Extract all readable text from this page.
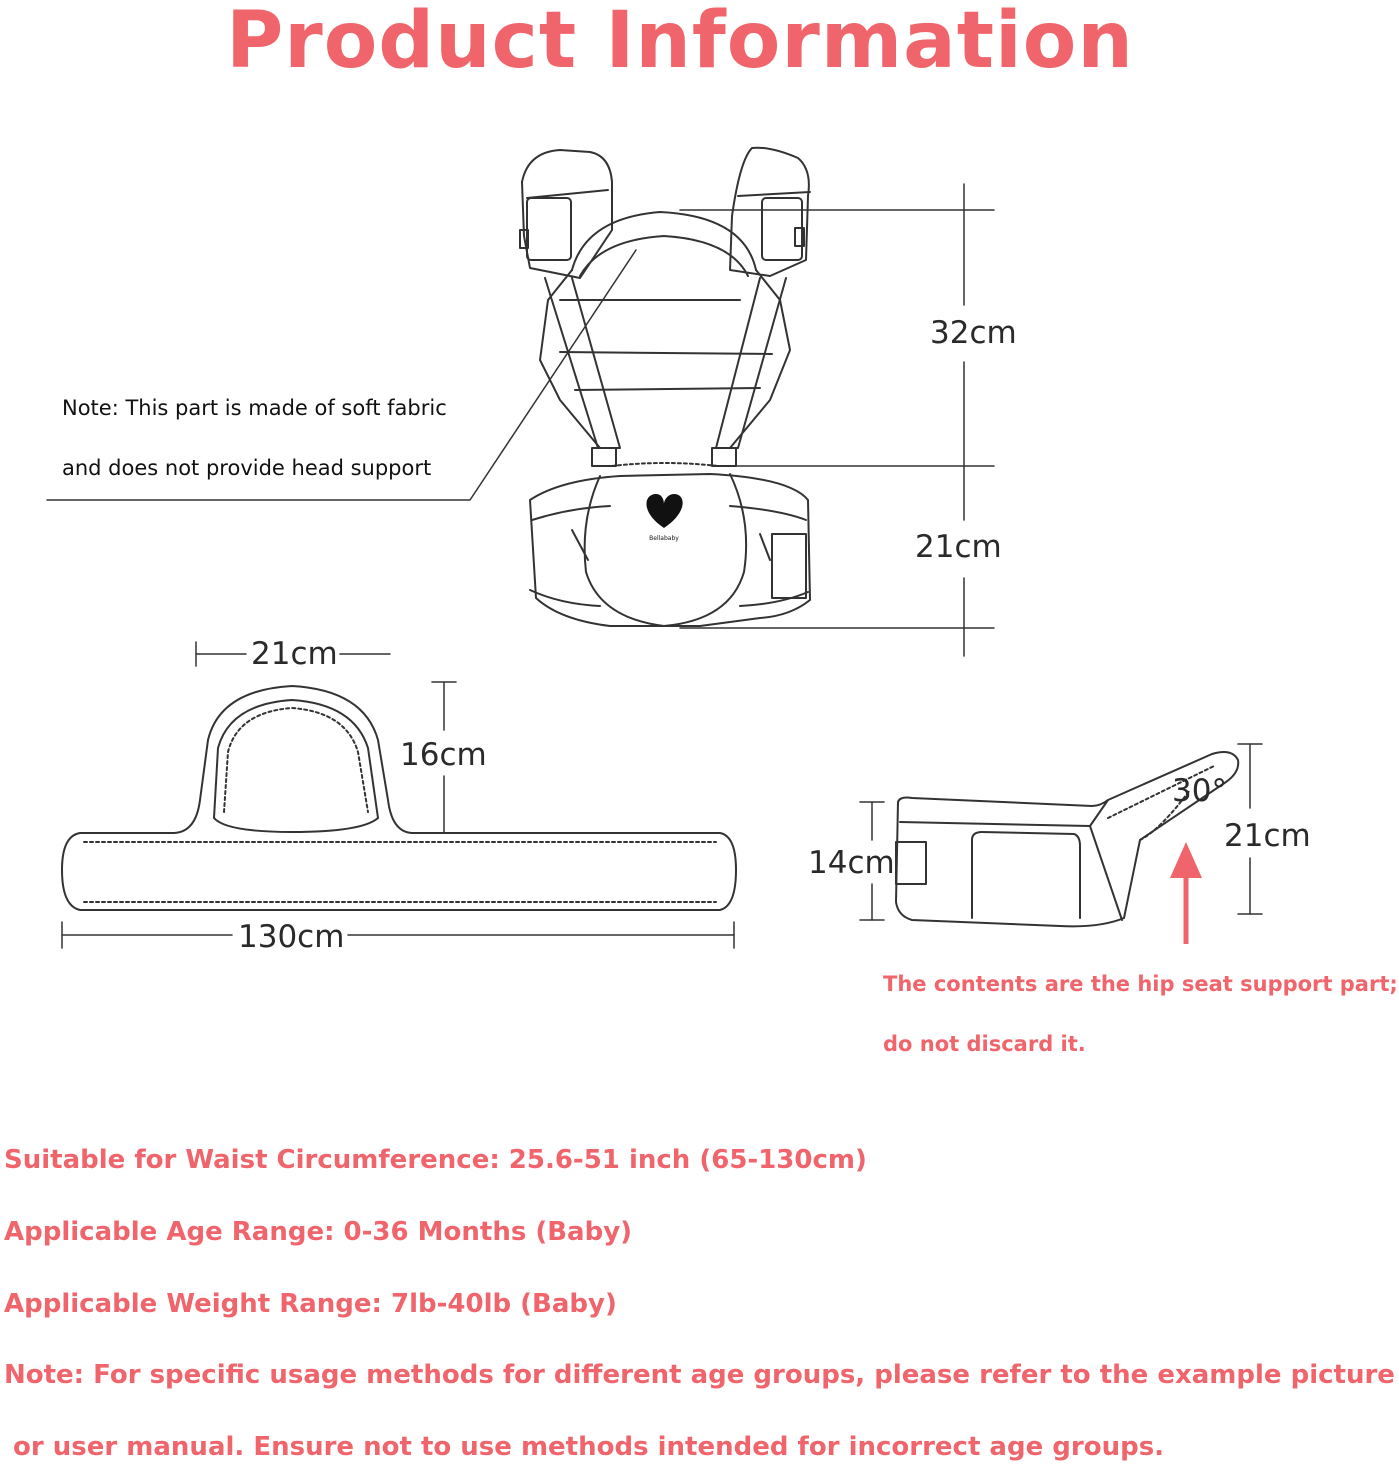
Product Information
Bellababy
32cm
21cm
21cm
16cm
130cm
14cm
30°
21cm
Note: This part is made of soft fabric
and does not provide head support
The contents are the hip seat support part;
do not discard it.
Suitable for Waist Circumference: 25.6-51 inch (65-130cm)
Applicable Age Range: 0-36 Months (Baby)
Applicable Weight Range: 7lb-40lb (Baby)
Note: For specific usage methods for different age groups, please refer to the example picture
or user manual. Ensure not to use methods intended for incorrect age groups.
